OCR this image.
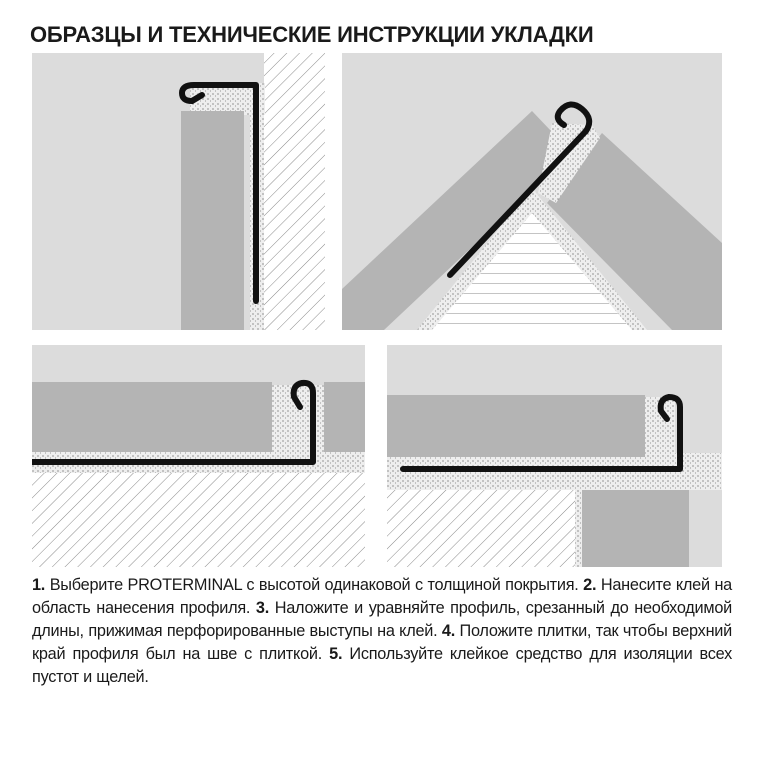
ОБРАЗЦЫ И ТЕХНИЧЕСКИЕ ИНСТРУКЦИИ УКЛАДКИ
1. Выберите PROTERMINAL с высотой одинаковой с толщиной покрытия. 2. Нанесите клей на область нанесения профиля. 3. Наложите и уравняйте профиль, срезанный до необходимой длины, прижимая перфорированные выступы на клей. 4. Положите плитки, так чтобы верхний край профиля был на шве с плиткой. 5. Используйте клейкое средство для изоляции всех пустот и щелей.
